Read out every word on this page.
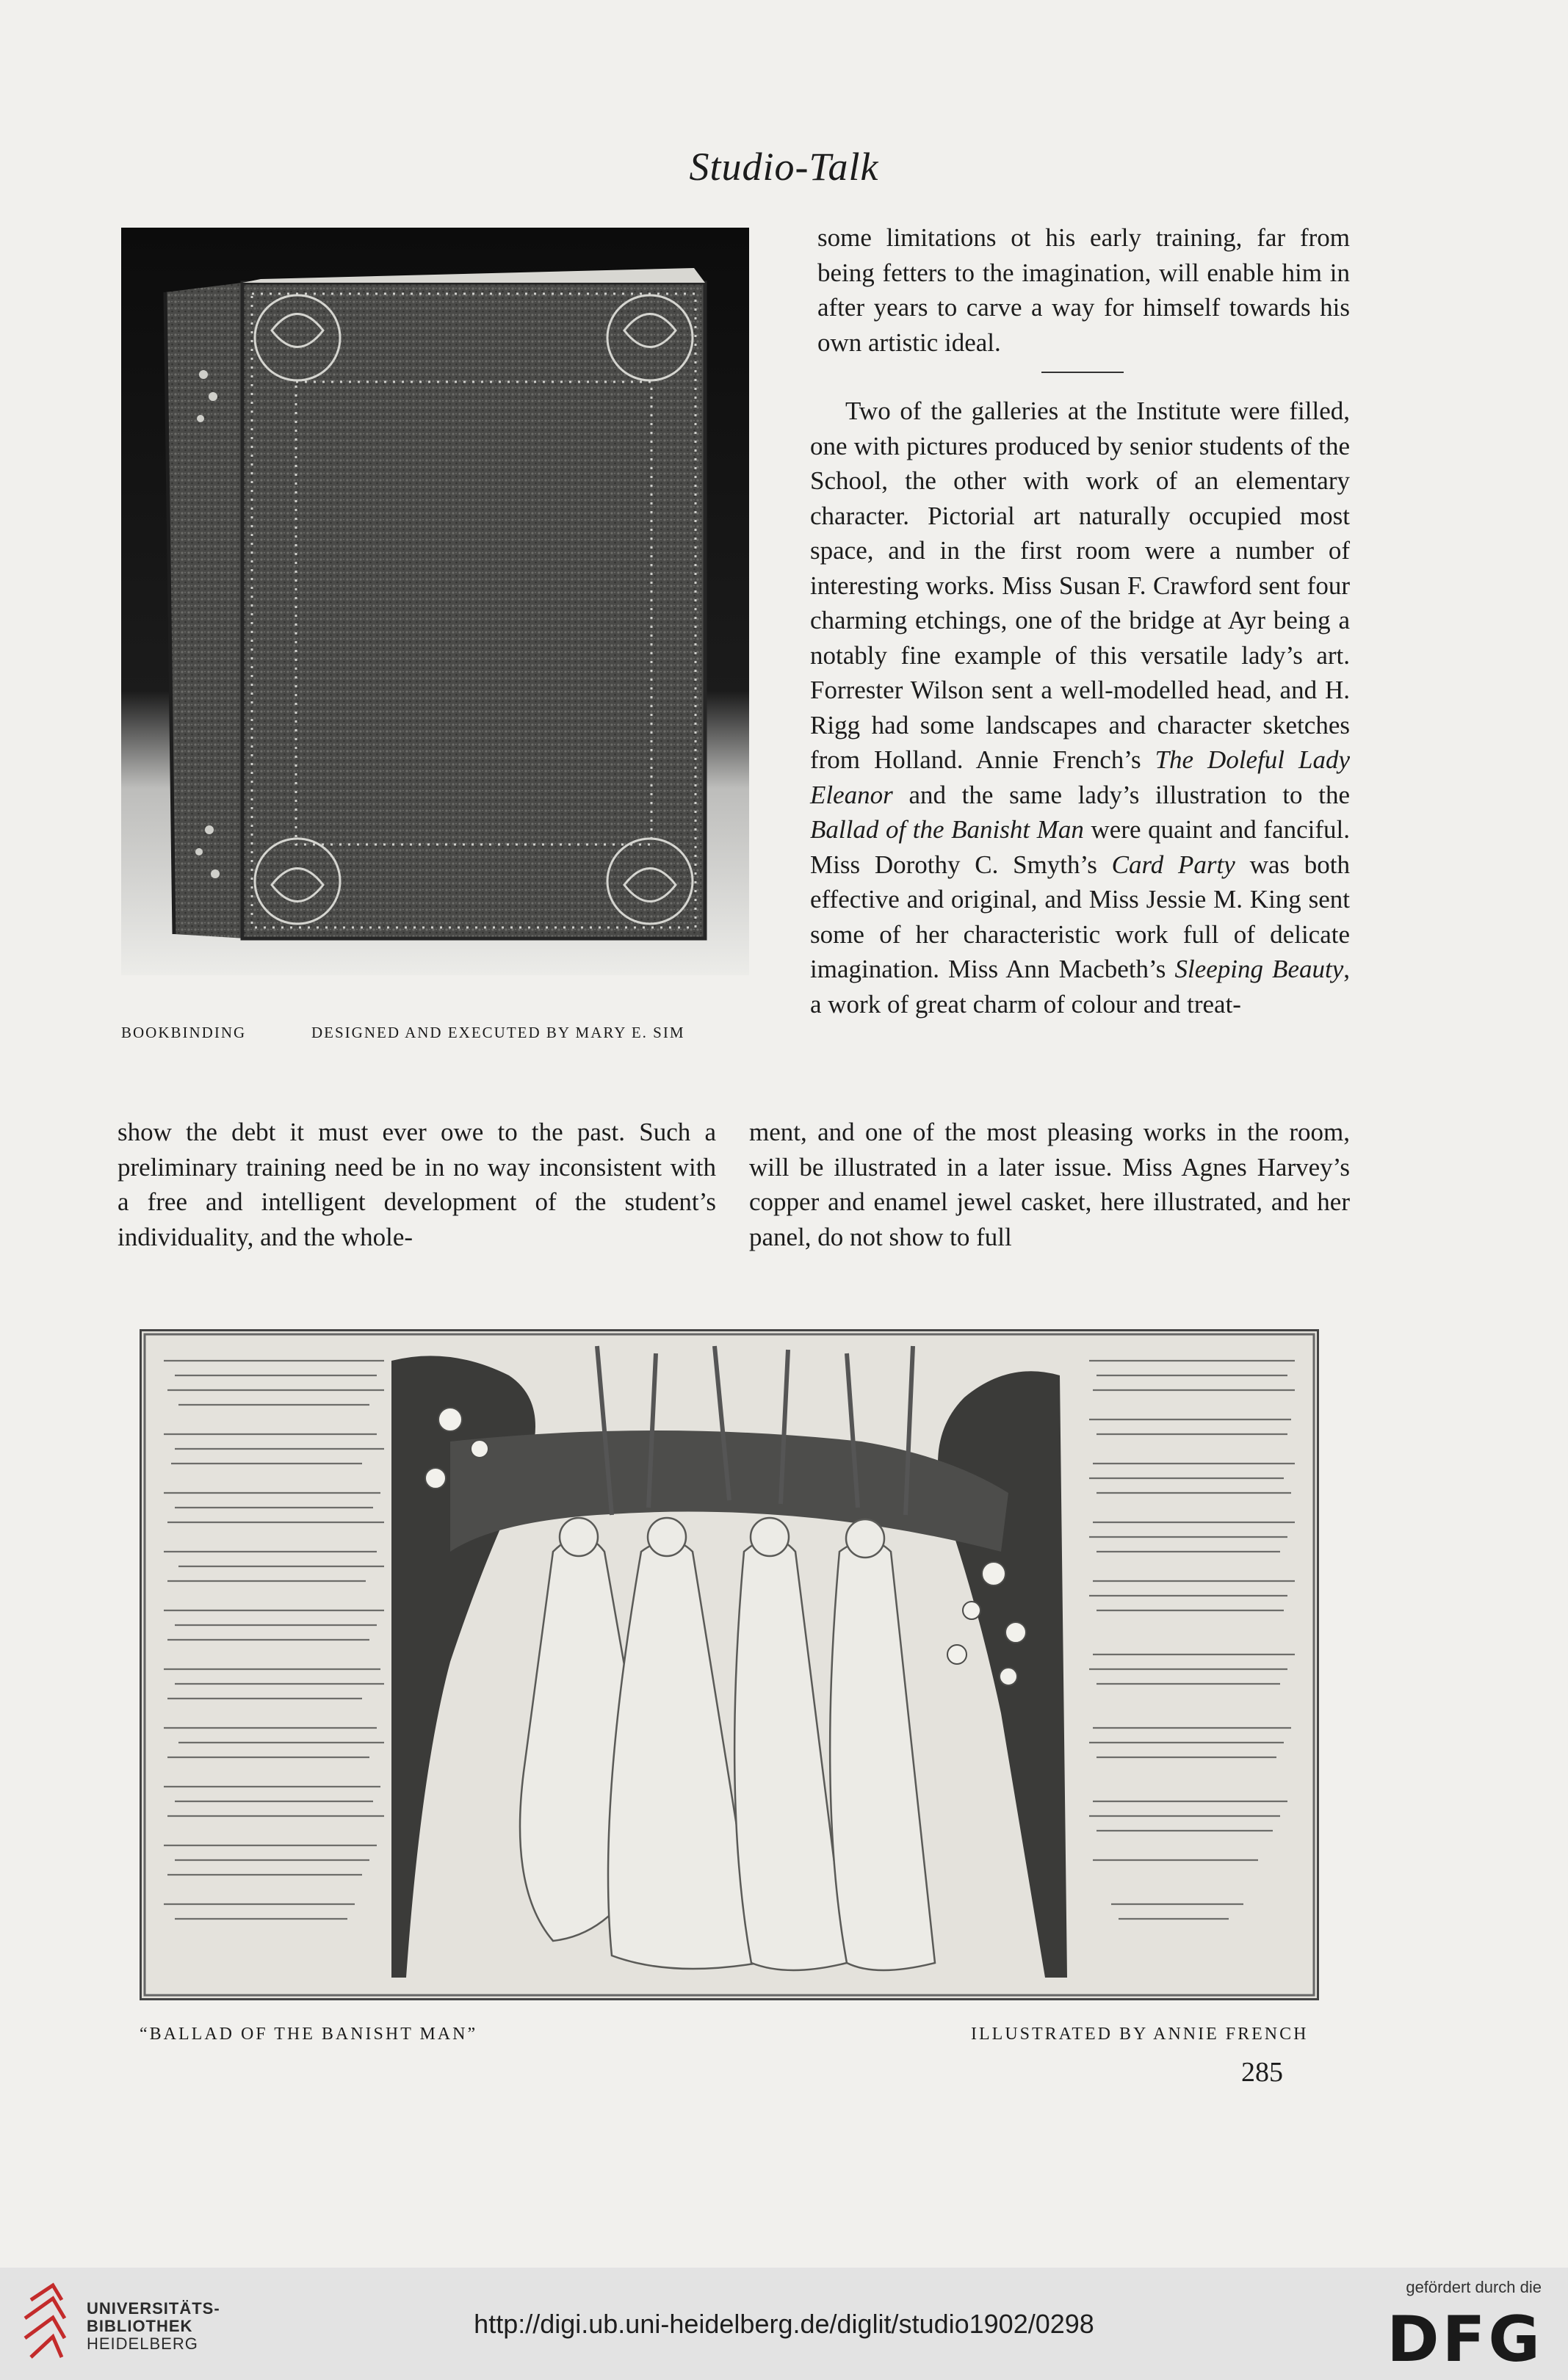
Studio-Talk
BOOKBINDING	DESIGNED AND EXECUTED BY MARY E. SIM

some limitations ot his early training, far from being fetters to the imagination, will enable him in after years to carve a way for himself towards his own artistic ideal.

Two of the galleries at the Institute were filled, one with pictures produced by senior students of the School, the other with work of an elementary character. Pictorial art naturally occupied most space, and in the first room were a number of interesting works. Miss Susan F. Crawford sent four charming etchings, one of the bridge at Ayr being a notably fine example of this versatile lady’s art. Forrester Wilson sent a well-modelled head, and H. Rigg had some landscapes and character sketches from Holland. Annie French’s The Doleful Lady Eleanor and the same lady’s illustration to the Ballad of the Banisht Man were quaint and fanciful. Miss Dorothy C. Smyth’s Card Party was both effective and original, and Miss Jessie M. King sent some of her characteristic work full of delicate imagination. Miss Ann Macbeth’s Sleeping Beauty, a work of great charm of colour and treat-

show the debt it must ever owe to the past. Such a preliminary training need be in no way inconsistent with a free and intelligent development of the student’s individuality, and the whole-

ment, and one of the most pleasing works in the room, will be illustrated in a later issue. Miss Agnes Harvey’s copper and enamel jewel casket, here illustrated, and her panel, do not show to full

“BALLAD OF THE BANISHT MAN”	ILLUSTRATED BY ANNIE FRENCH
285
UNIVERSITÄTS-
BIBLIOTHEK
HEIDELBERG
http://digi.ub.uni-heidelberg.de/diglit/studio1902/0298
gefördert durch die
DFG
